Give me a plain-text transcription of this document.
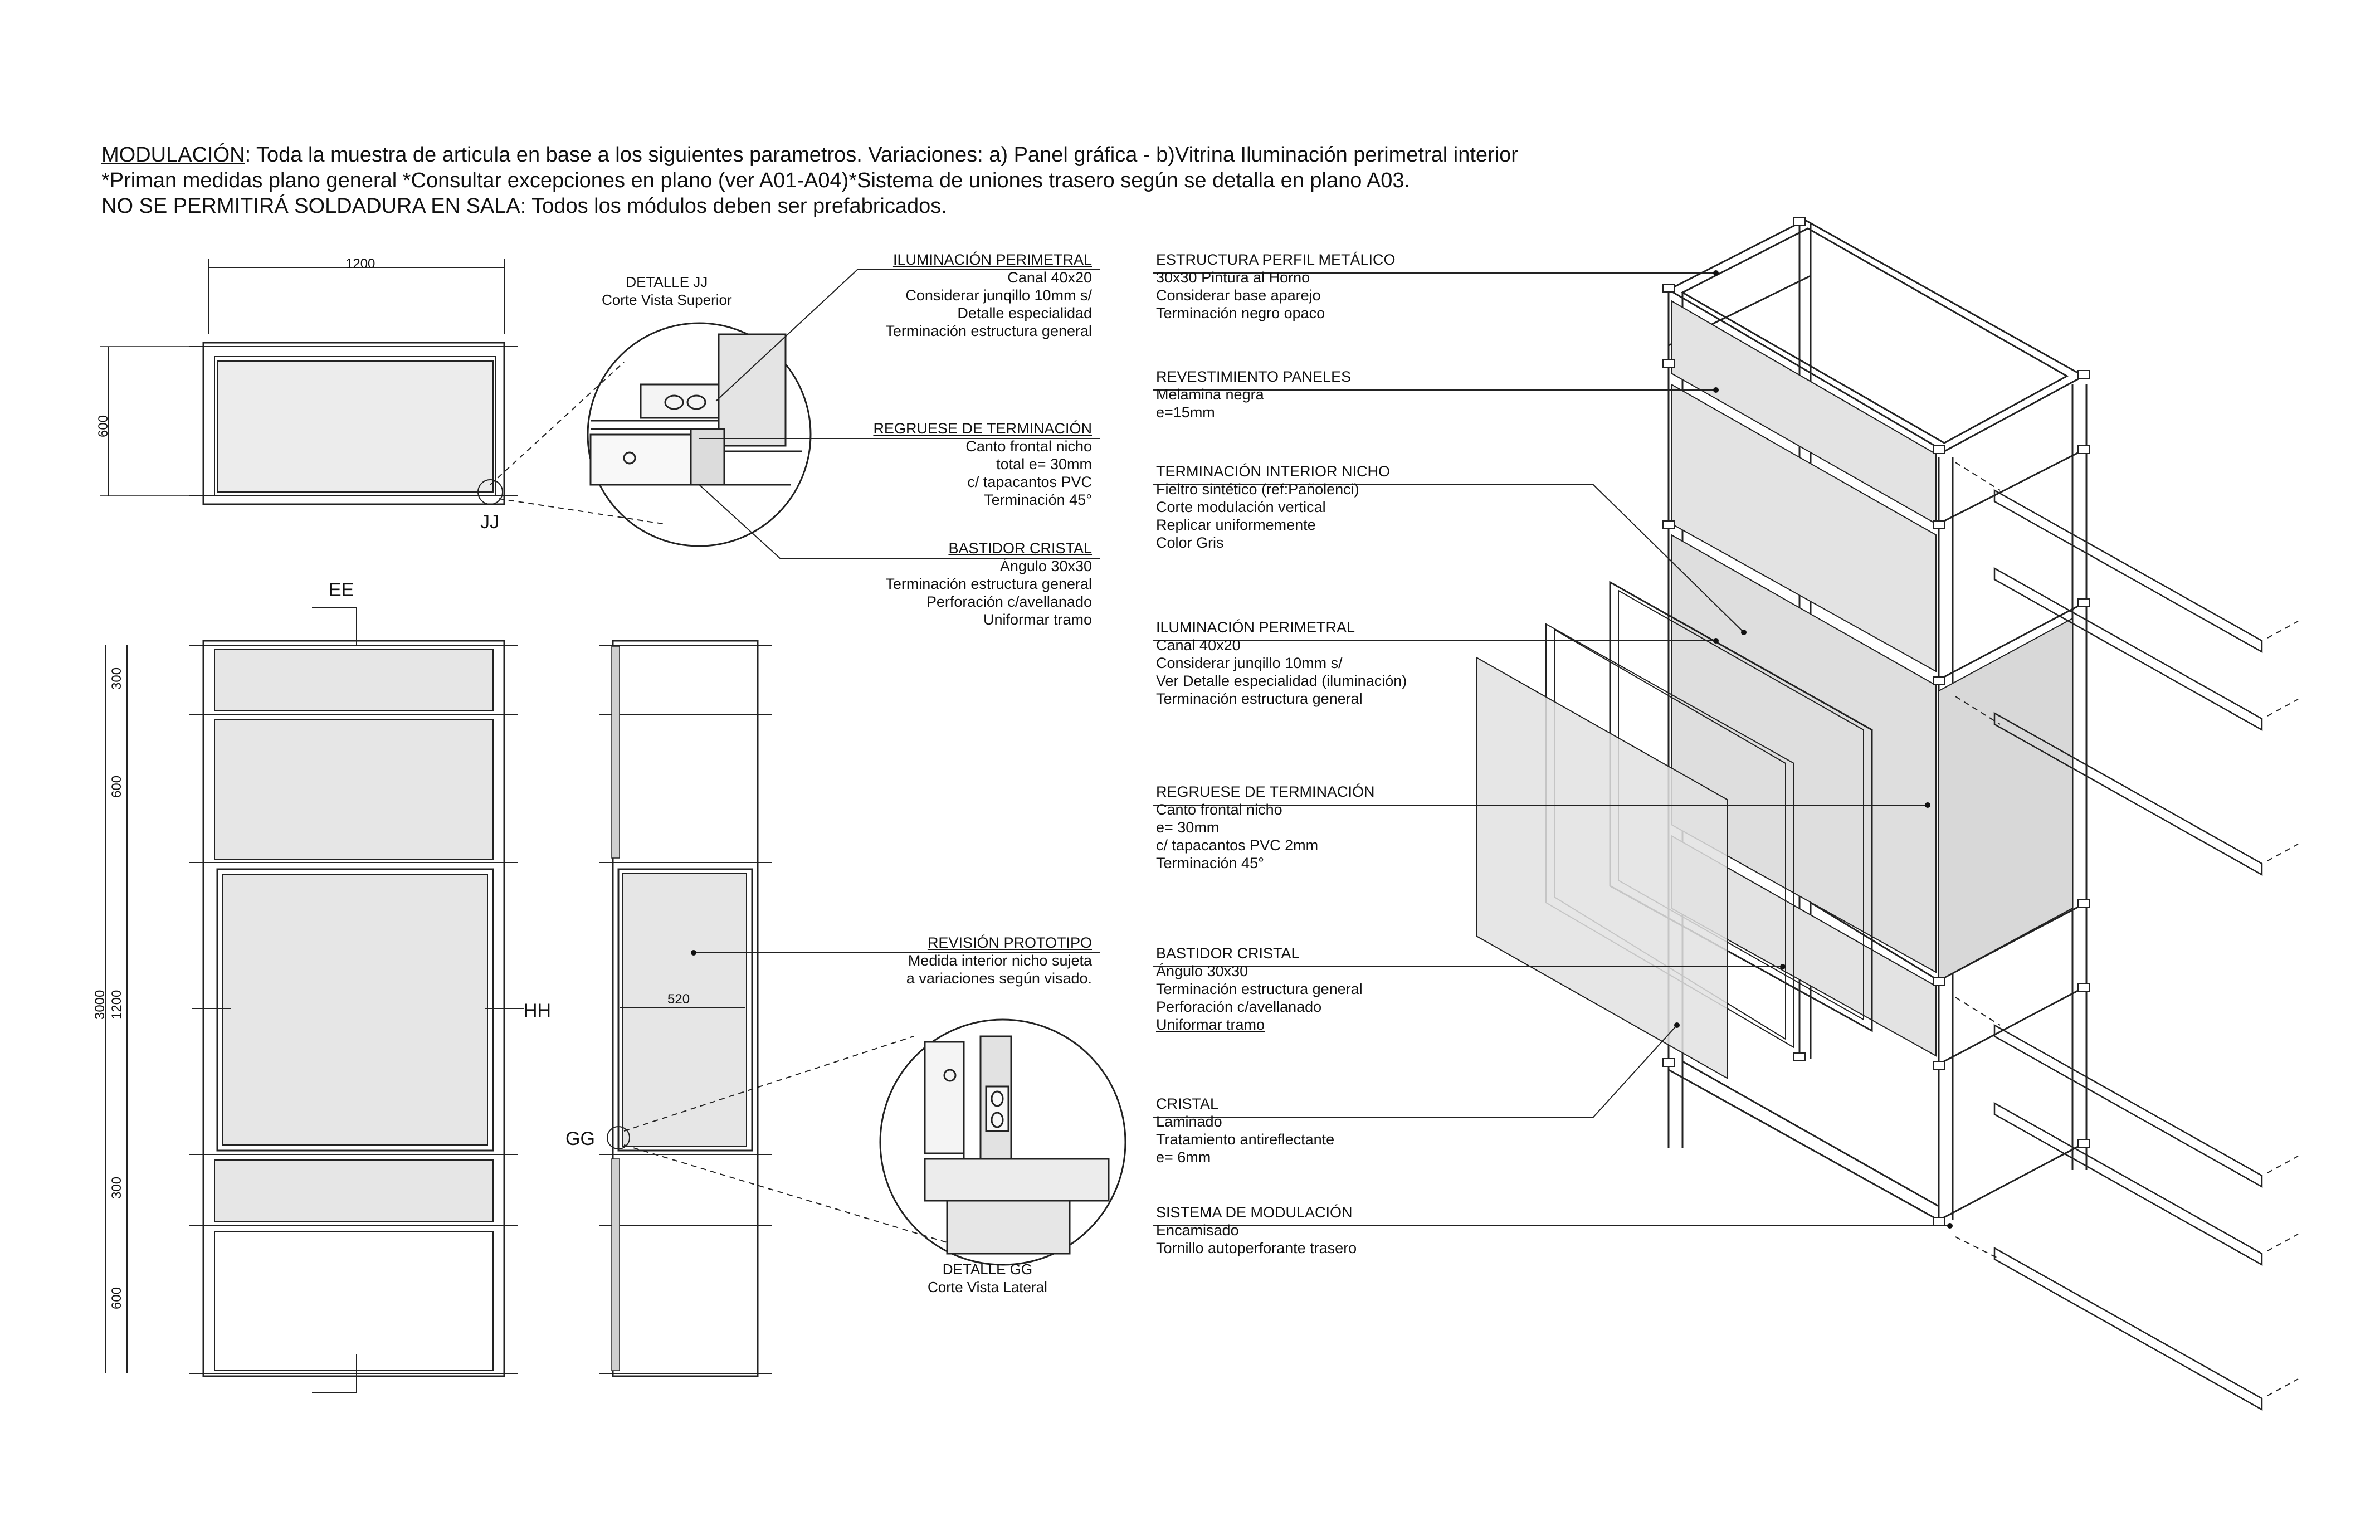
MODULACIÓN: Toda la muestra de articula en base a los siguientes parametros. Variaciones: a) Panel gráfica - b)Vitrina Iluminación perimetral interior
*Priman medidas plano general *Consultar excepciones en plano (ver A01-A04)*Sistema de uniones trasero según se detalla en plano A03.
NO SE PERMITIRÁ SOLDADURA EN SALA: Todos los módulos deben ser prefabricados.
1200
600
JJ
DETALLE JJ
Corte Vista Superior
DETALLE GG
Corte Vista Lateral
EE
HH
300
600
1200
3000
300
600
GG
520
ILUMINACIÓN PERIMETRAL
Canal 40x20
Considerar junqillo 10mm s/
Detalle especialidad
Terminación estructura general
REGRUESE DE TERMINACIÓN
Canto frontal nicho
total e= 30mm
c/ tapacantos PVC
Terminación 45°
BASTIDOR CRISTAL
Ángulo 30x30
Terminación estructura general
Perforación c/avellanado
Uniformar tramo
REVISIÓN PROTOTIPO
Medida interior nicho sujeta
a variaciones según visado.
ESTRUCTURA PERFIL METÁLICO
30x30 Pintura al Horno
Considerar base aparejo
Terminación negro opaco
REVESTIMIENTO PANELES
Melamina negra
e=15mm
TERMINACIÓN INTERIOR NICHO
Fieltro sintético (ref:Pañolenci)
Corte modulación vertical
Replicar uniformemente
Color Gris
ILUMINACIÓN PERIMETRAL
Canal 40x20
Considerar junqillo 10mm s/
Ver Detalle especialidad (iluminación)
Terminación estructura general
REGRUESE DE TERMINACIÓN
Canto frontal nicho
e= 30mm
c/ tapacantos PVC 2mm
Terminación 45°
BASTIDOR CRISTAL
Ángulo 30x30
Terminación estructura general
Perforación c/avellanado
Uniformar tramo
CRISTAL
Laminado
Tratamiento antireflectante
e= 6mm
SISTEMA DE MODULACIÓN
Encamisado
Tornillo autoperforante trasero
